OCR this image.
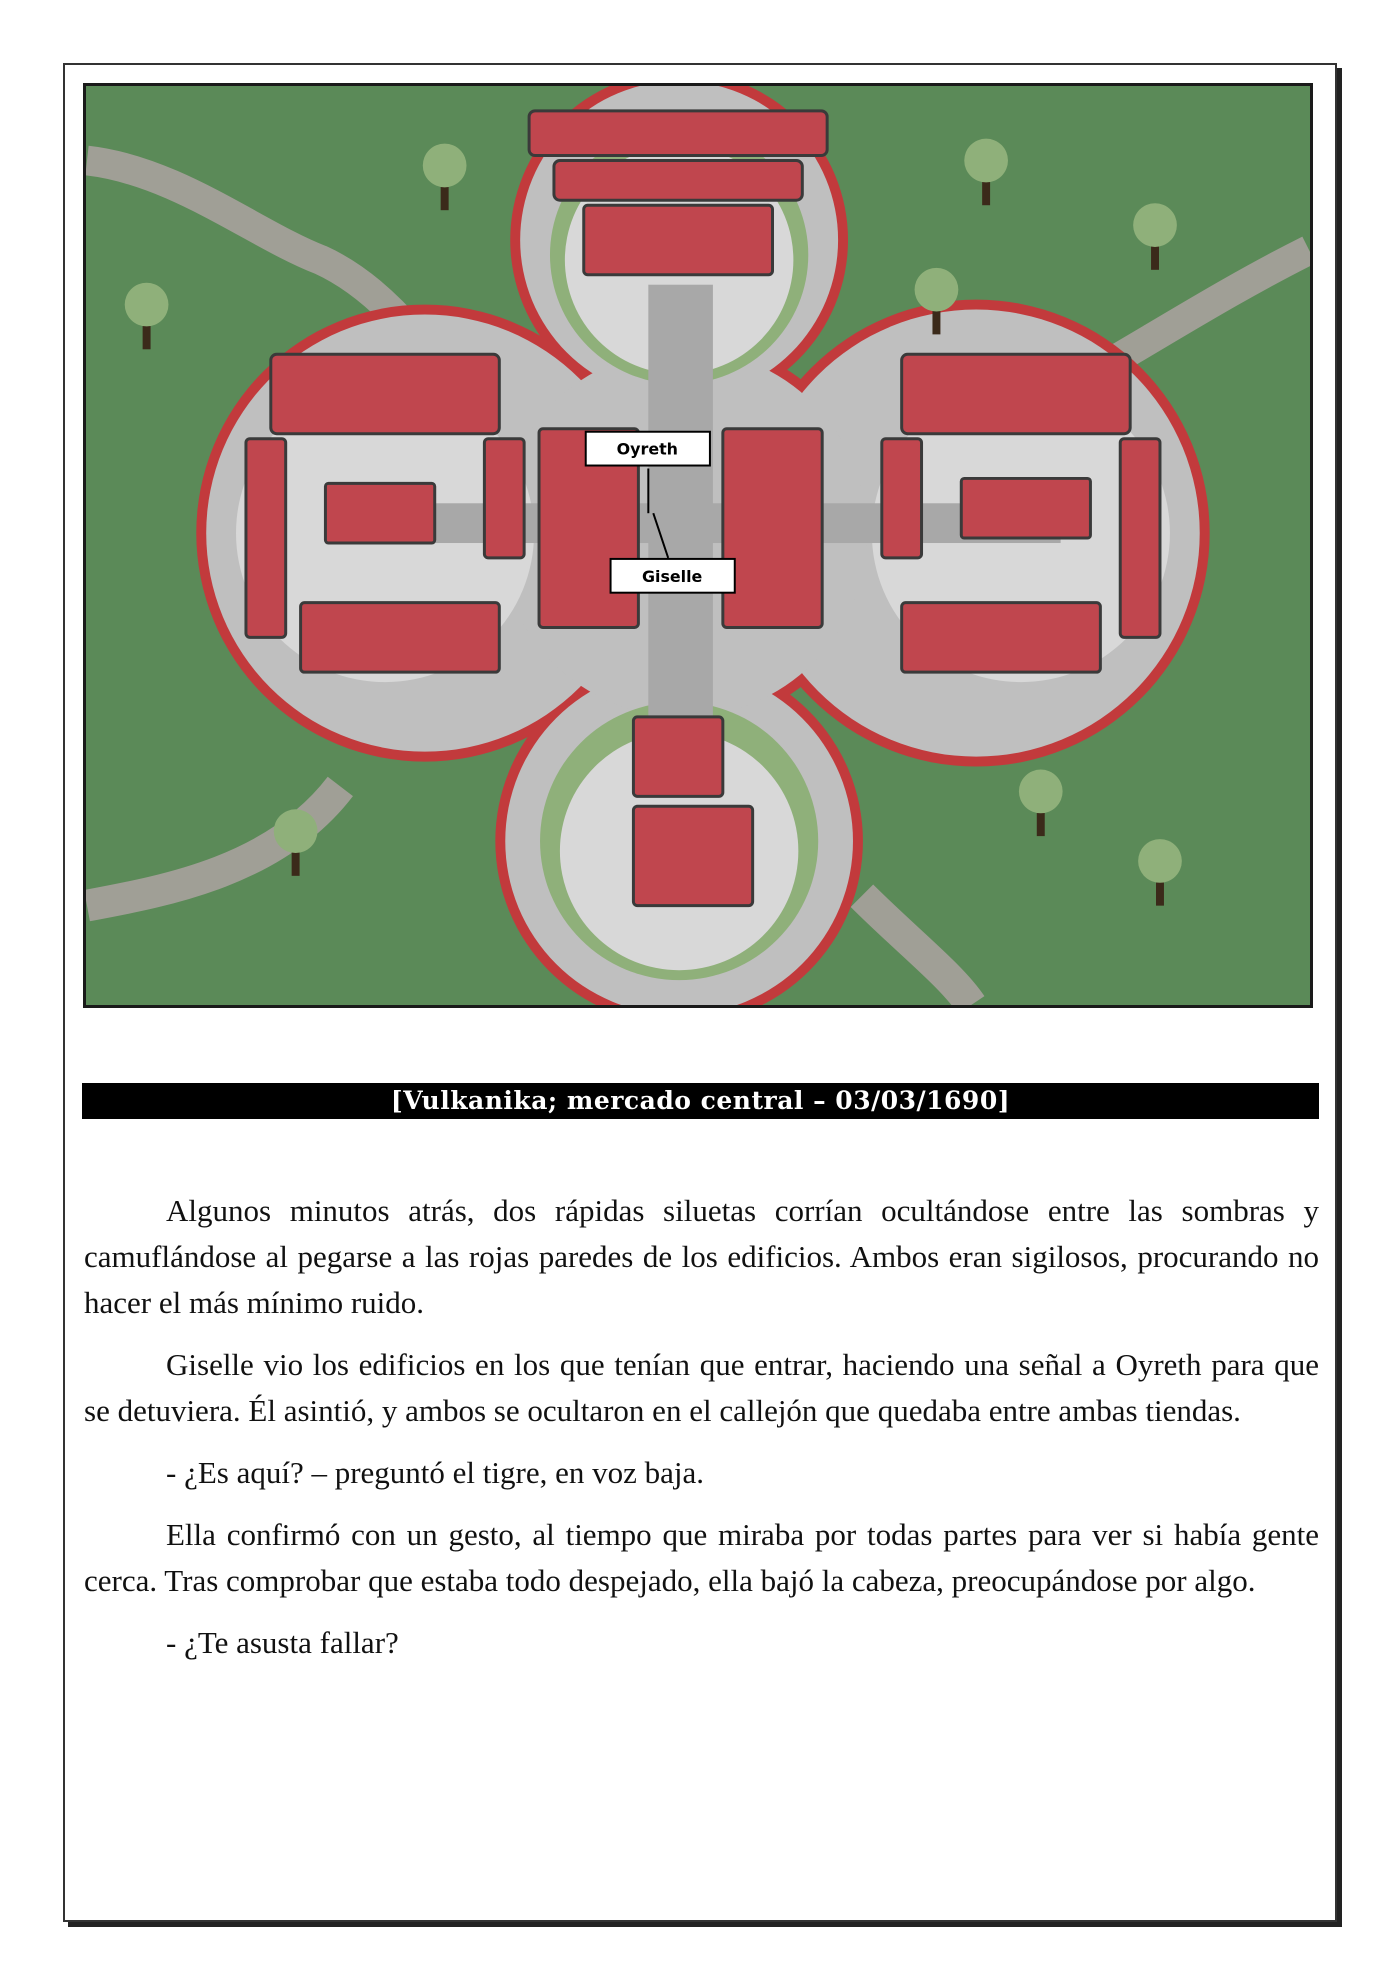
Oyreth
Giselle
[Vulkanika; mercado central – 03/03/1690]

Algunos minutos atrás, dos rápidas siluetas corrían ocultándose entre las sombras y camuflándose al pegarse a las rojas paredes de los edificios. Ambos eran sigilosos, procurando no hacer el más mínimo ruido.

Giselle vio los edificios en los que tenían que entrar, haciendo una señal a Oyreth para que se detuviera. Él asintió, y ambos se ocultaron en el callejón que quedaba entre ambas tiendas.

- ¿Es aquí? – preguntó el tigre, en voz baja.

Ella confirmó con un gesto, al tiempo que miraba por todas partes para ver si había gente cerca. Tras comprobar que estaba todo despejado, ella bajó la cabeza, preocupándose por algo.

- ¿Te asusta fallar?
